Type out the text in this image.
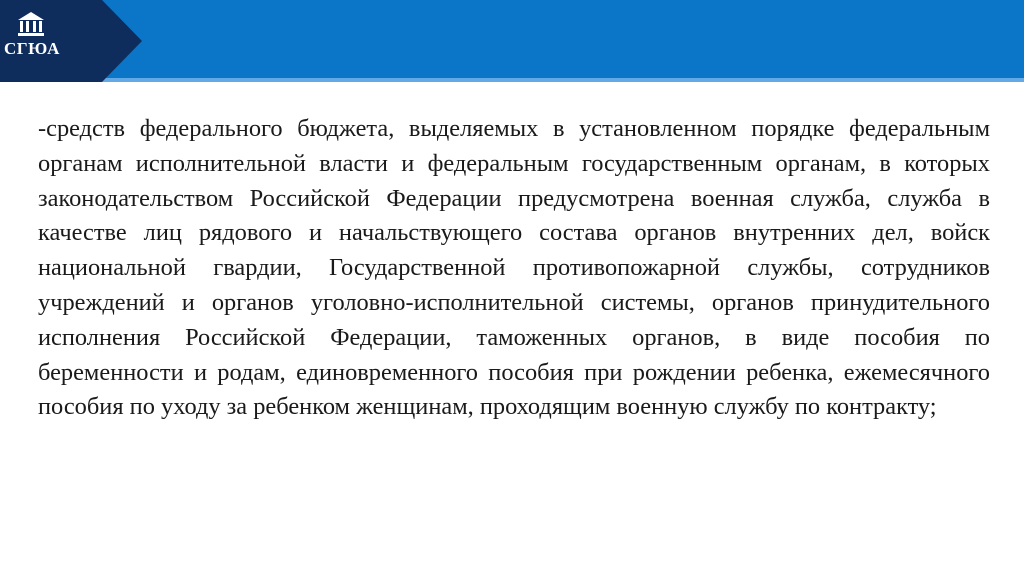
СГЮА

-средств федерального бюджета, выделяемых в установленном порядке федеральным органам исполнительной власти и федеральным государственным органам, в которых законодательством Российской Федерации предусмотрена военная служба, служба в качестве лиц рядового и начальствующего состава органов внутренних дел, войск национальной гвардии, Государственной противопожарной службы, сотрудников учреждений и органов уголовно-исполнительной системы, органов принудительного исполнения Российской Федерации, таможенных органов, в виде пособия по беременности и родам, единовременного пособия при рождении ребенка, ежемесячного пособия по уходу за ребенком женщинам, проходящим военную службу по контракту;
